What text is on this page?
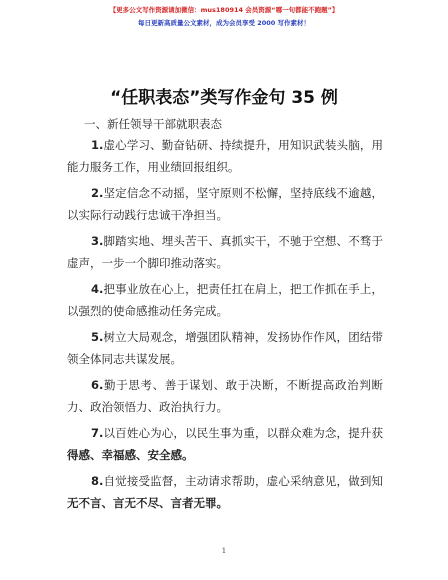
【更多公文写作资源请加微信：mus180914 会员资源“哪一句都能不跑题”】
每日更新高质量公文素材，成为会员享受 2000 写作素材！
“任职表态”类写作金句 35 例
一、新任领导干部就职表态
1.虚心学习、勤奋钻研、持续提升，用知识武装头脑，用能力服务工作，用业绩回报组织。
2.坚定信念不动摇，坚守原则不松懈，坚持底线不逾越，以实际行动践行忠诚干净担当。
3.脚踏实地、埋头苦干、真抓实干，不驰于空想、不骛于虚声，一步一个脚印推动落实。
4.把事业放在心上，把责任扛在肩上，把工作抓在手上，以强烈的使命感推动任务完成。
5.树立大局观念，增强团队精神，发扬协作作风，团结带领全体同志共谋发展。
6.勤于思考、善于谋划、敢于决断，不断提高政治判断力、政治领悟力、政治执行力。
7.以百姓心为心，以民生事为重，以群众难为念，提升获得感、幸福感、安全感。
8.自觉接受监督，主动请求帮助，虚心采纳意见，做到知无不言、言无不尽、言者无罪。
1
